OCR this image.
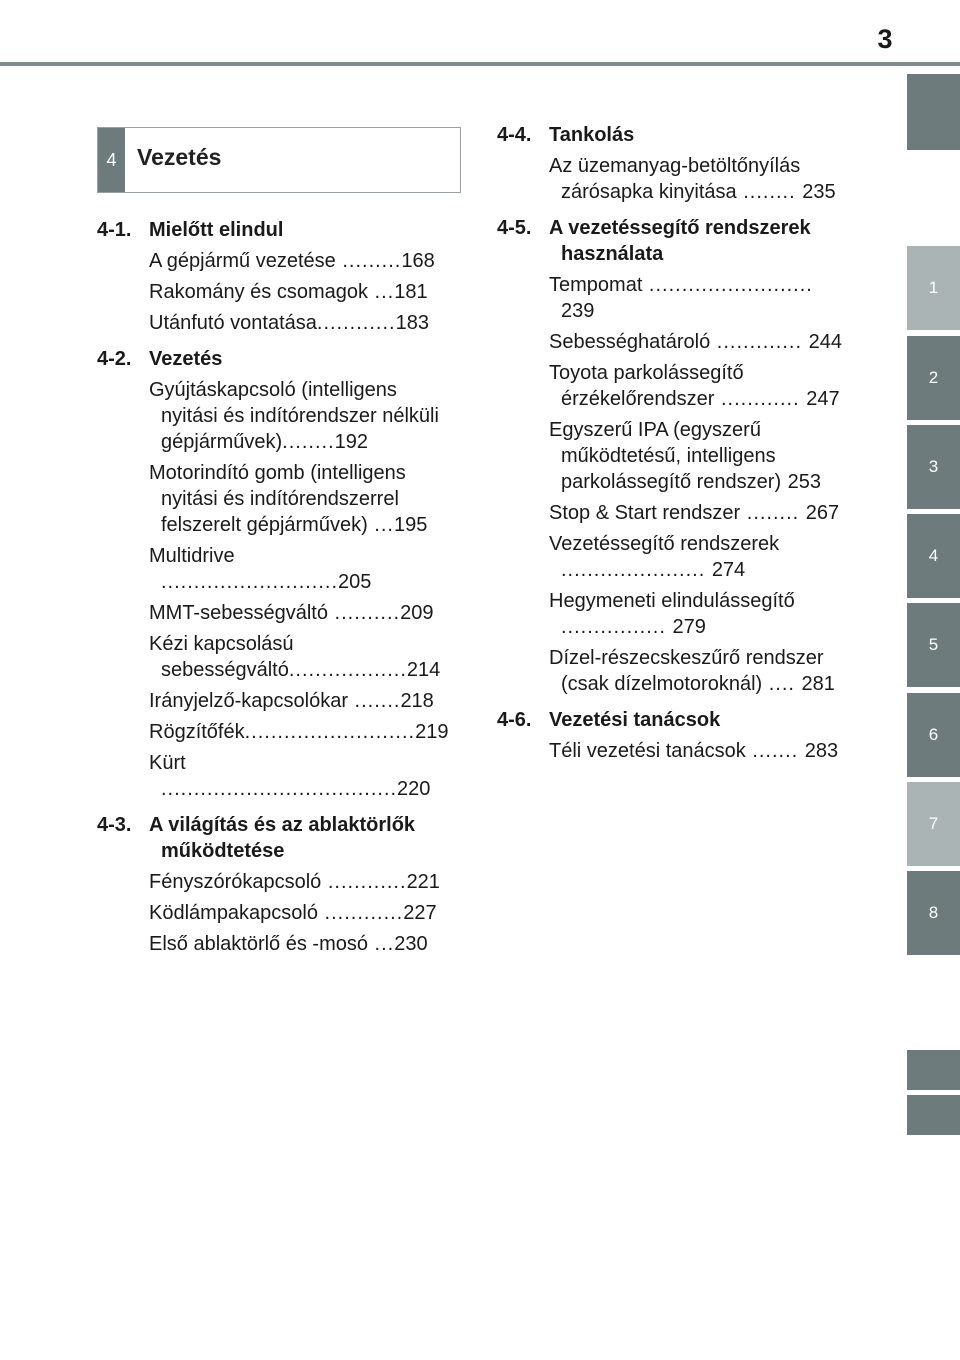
3
1
2
3
4
5
6
7
8
4 Vezetés
4-1. Mielőtt elindul
A gépjármű vezetése .........168
Rakomány és csomagok ...181
Utánfutó vontatása............183
4-2. Vezetés
Gyújtáskapcsoló (intelligens nyitási és indítórendszer nélküli gépjárművek)........192
Motorindító gomb (intelligens nyitási és indítórendszerrel felszerelt gépjárművek) ...195
Multidrive ...........................205
MMT-sebességváltó ..........209
Kézi kapcsolású sebességváltó..................214
Irányjelző-kapcsolókar .......218
Rögzítőfék..........................219
Kürt ....................................220
4-3. A világítás és az ablaktörlők működtetése
Fényszórókapcsoló ............221
Ködlámpakapcsoló ............227
Első ablaktörlő és -mosó ...230
4-4. Tankolás
Az üzemanyag-betöltőnyílás zárósapka kinyitása ........ 235
4-5. A vezetéssegítő rendszerek használata
Tempomat ......................... 239
Sebességhatároló ............. 244
Toyota parkolássegítő érzékelőrendszer ............ 247
Egyszerű IPA (egyszerű működtetésű, intelligens parkolássegítő rendszer) 253
Stop & Start rendszer ........ 267
Vezetéssegítő rendszerek ...................... 274
Hegymeneti elindulássegítő ................ 279
Dízel-részecskeszűrő rendszer (csak dízelmotoroknál) .... 281
4-6. Vezetési tanácsok
Téli vezetési tanácsok ....... 283
